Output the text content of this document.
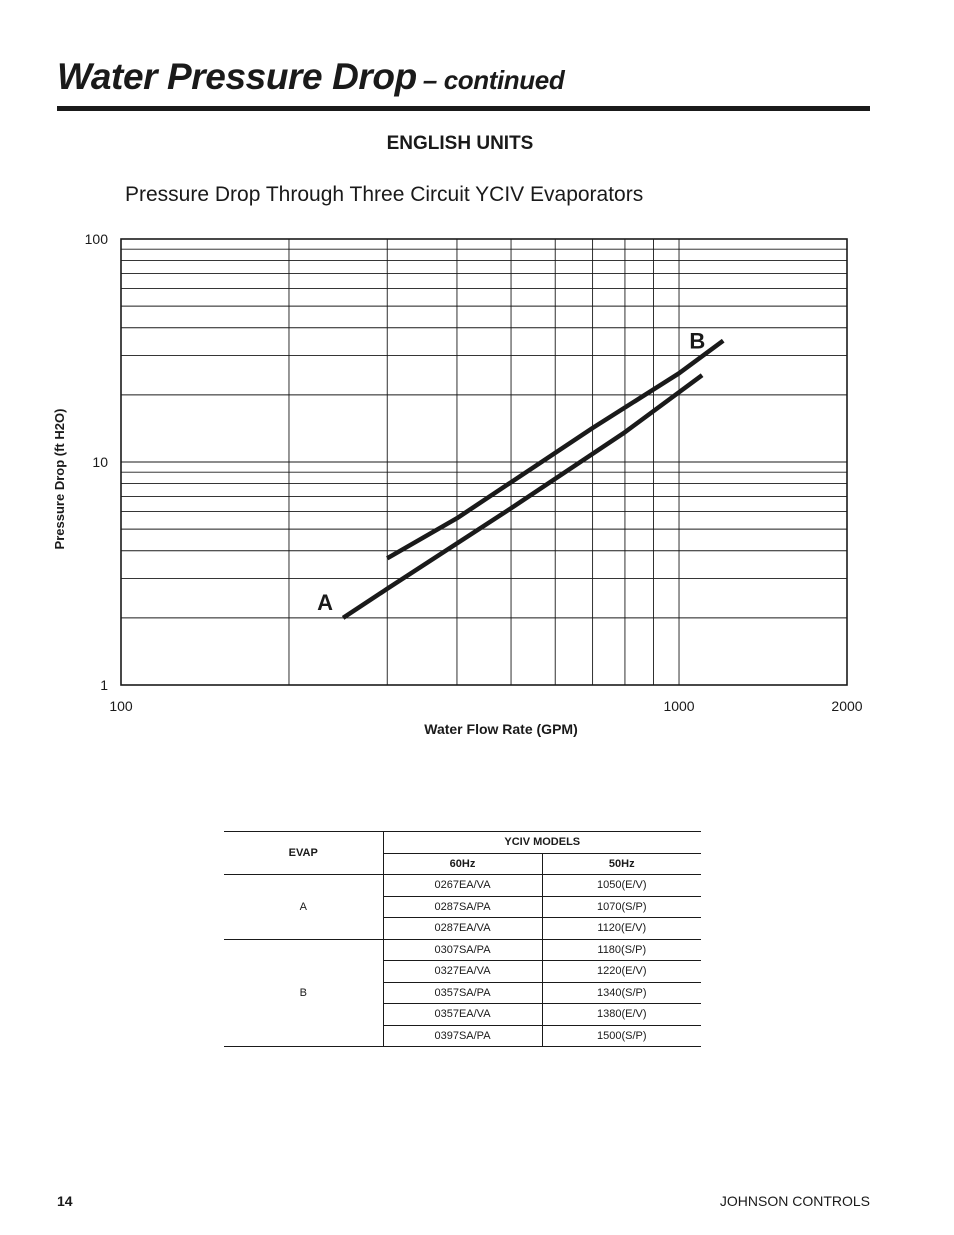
Water Pressure Drop – continued
ENGLISH UNITS
Pressure Drop Through Three Circuit YCIV Evaporators
100	1000	2000
1
10
100
A
B
Water Flow Rate (GPM)
Pressure Drop (ft H2O)
EVAP	YCIV MODELS	
	60Hz	50Hz
A	0267EA/VA	1050(E/V)
	0287SA/PA	1070(S/P)
	0287EA/VA	1120(E/V)
B	0307SA/PA	1180(S/P)
	0327EA/VA	1220(E/V)
	0357SA/PA	1340(S/P)
	0357EA/VA	1380(E/V)
	0397SA/PA	1500(S/P)
14	JOHNSON CONTROLS
